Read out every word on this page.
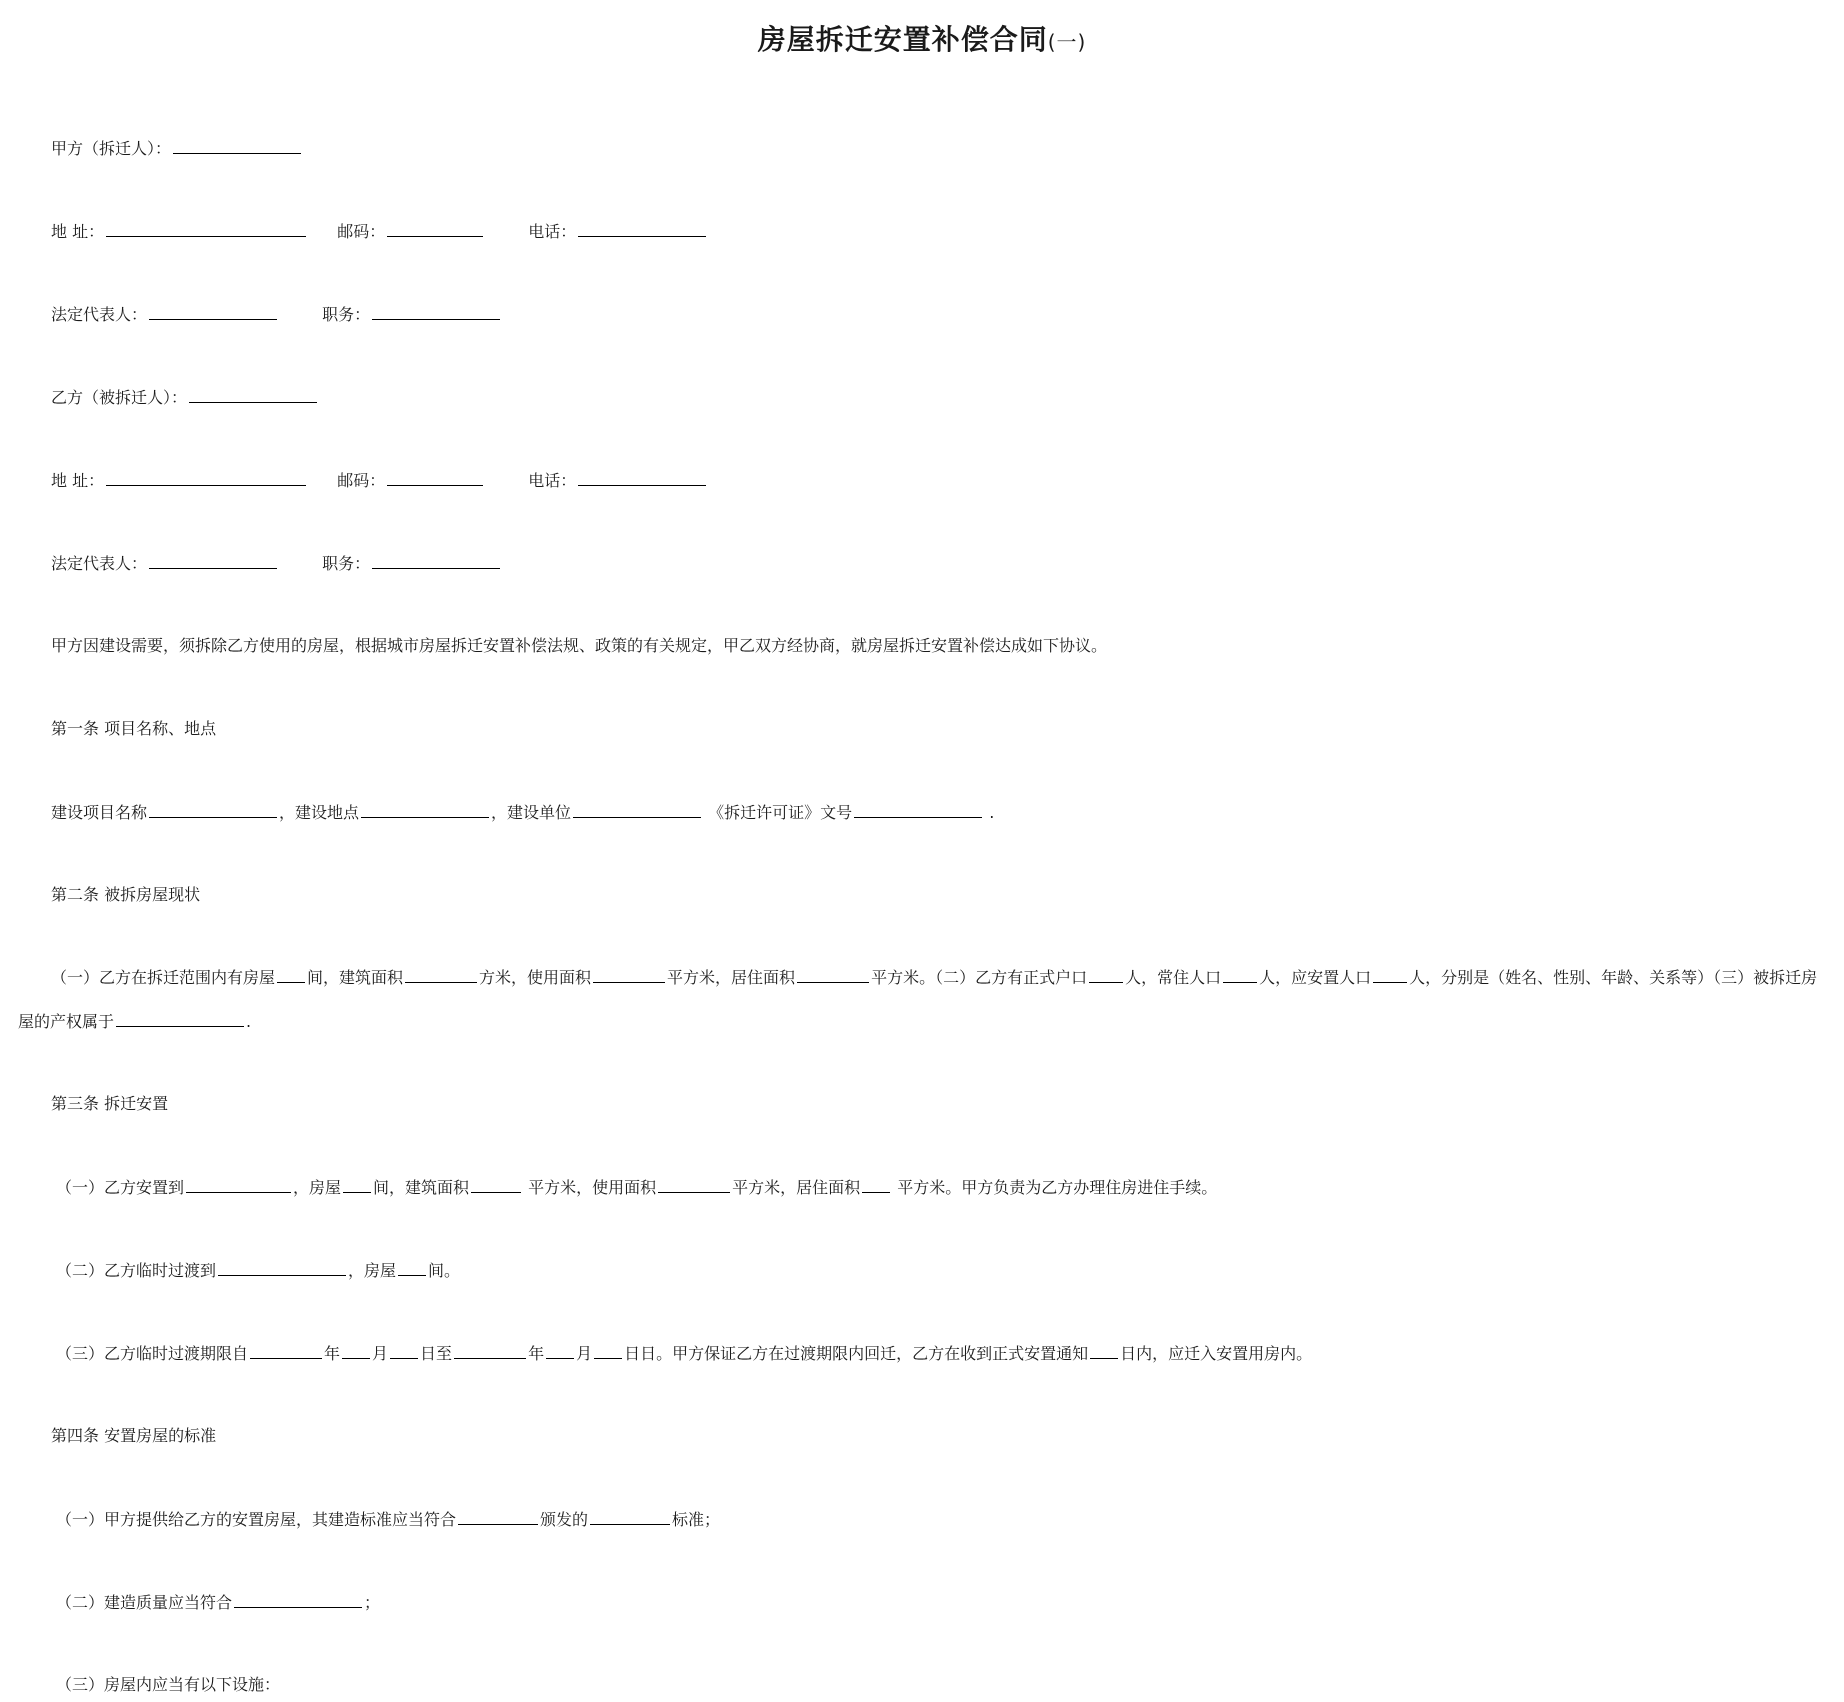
房屋拆迁安置补偿合同(一)
甲方（拆迁人）：
地 址：	邮码：	电话：
法定代表人：	职务：
乙方（被拆迁人）：
地 址：	邮码：	电话：
法定代表人：	职务：
甲方因建设需要，须拆除乙方使用的房屋，根据城市房屋拆迁安置补偿法规、政策的有关规定，甲乙双方经协商，就房屋拆迁安置补偿达成如下协议。
第一条 项目名称、地点
建设项目名称	，建设地点	，建设单位	《拆迁许可证》文号	.
第二条 被拆房屋现状
（一）乙方在拆迁范围内有房屋 间，建筑面积	方米，使用面积	平方米，居住面积	平方米。（二）乙方有正式户口 人，常住人口 人，应安置人口 人，分别是（姓名、性别、年龄、关系等）（三）被拆迁房屋的产权属于	.
第三条 拆迁安置
（一）乙方安置到	，房屋 间，建筑面积	平方米，使用面积	平方米，居住面积 平方米。甲方负责为乙方办理住房进住手续。
（二）乙方临时过渡到	，房屋 间。
（三）乙方临时过渡期限自	年 月 日至	年 月 日日。甲方保证乙方在过渡期限内回迁，乙方在收到正式安置通知 日内，应迁入安置用房内。
第四条 安置房屋的标准
（一）甲方提供给乙方的安置房屋，其建造标准应当符合	颁发的	标准；
（二）建造质量应当符合	；
（三）房屋内应当有以下设施：
